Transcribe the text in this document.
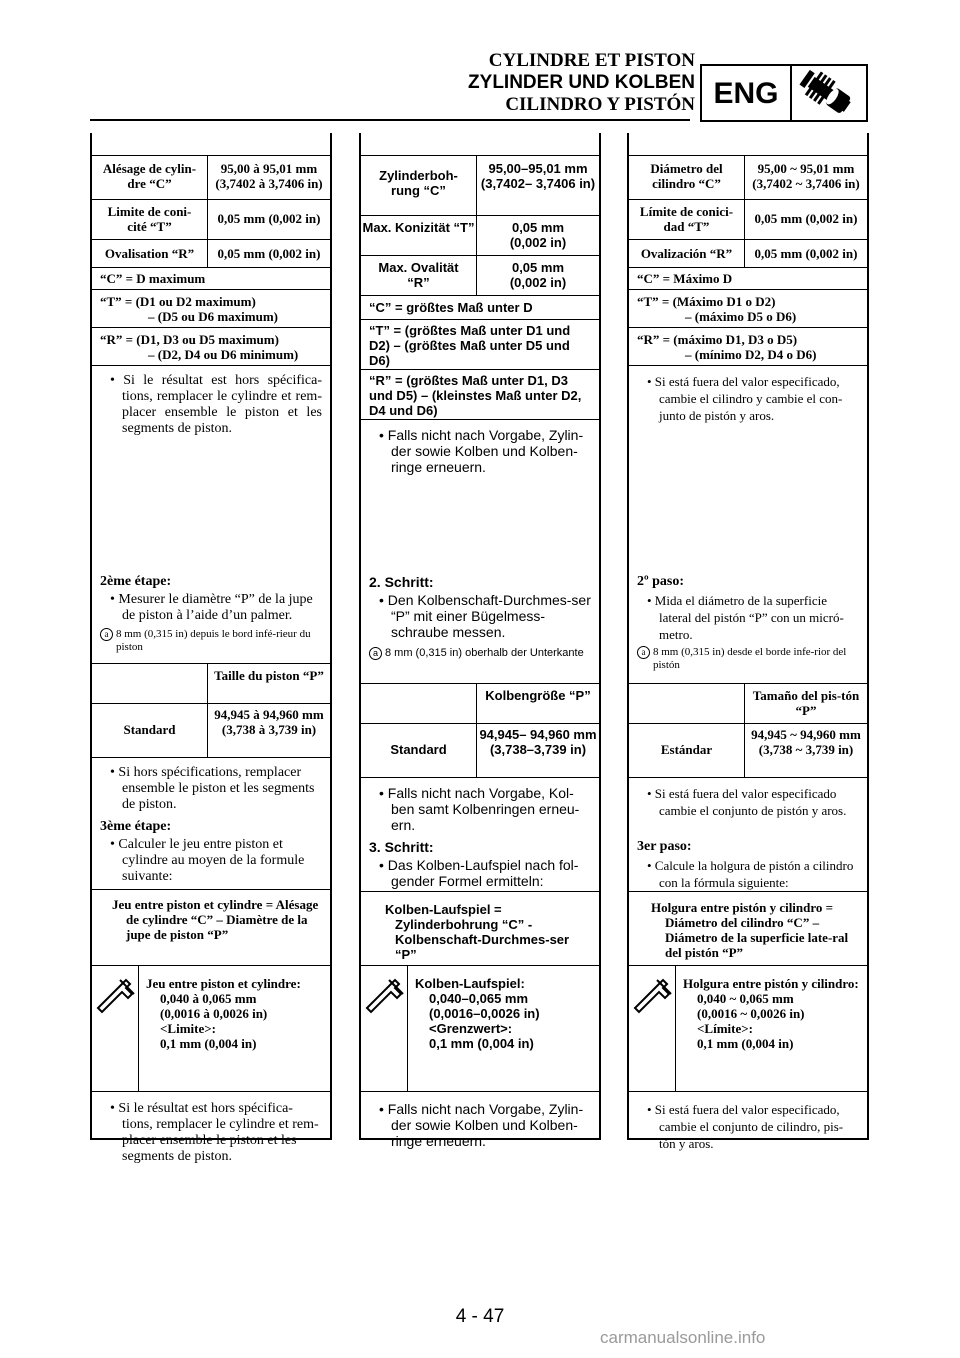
CYLINDRE ET PISTON
ZYLINDER UND KOLBEN
CILINDRO Y PISTÓN ENG
Alésage de cylin-dre “C”
95,00 à 95,01 mm (3,7402 à 3,7406 in)
Limite de coni-cité “T”
0,05 mm (0,002 in)
Ovalisation “R”	0,05 mm (0,002 in)
“C” = D maximum
“T” = (D1 ou D2 maximum)
– (D5 ou D6 maximum)
“R” = (D1, D3 ou D5 maximum)
– (D2, D4 ou D6 minimum)
• Si le résultat est hors spécifica-tions, remplacer le cylindre et rem-placer ensemble le piston et les segments de piston.
2ème étape:
• Mesurer le diamètre “P” de la jupe de piston à l’aide d’un palmer.
a 8 mm (0,315 in) depuis le bord infé-rieur du piston
Taille du piston “P”
Standard
94,945 à 94,960 mm (3,738 à 3,739 in)
• Si hors spécifications, remplacer ensemble le piston et les segments de piston.
3ème étape:
• Calculer le jeu entre piston et cylindre au moyen de la formule suivante:
Jeu entre piston et cylindre = Alésage de cylindre “C” – Diamètre de la jupe de piston “P”
Jeu entre piston et cylindre:
0,040 à 0,065 mm
(0,0016 à 0,0026 in)
<Limite>:
0,1 mm (0,004 in)
• Si le résultat est hors spécifica-tions, remplacer le cylindre et rem-placer ensemble le piston et les segments de piston.
Zylinderboh-rung “C”
95,00–95,01 mm (3,7402– 3,7406 in)
Max. Konizität “T”	0,05 mm (0,002 in)
Max. Ovalität “R”
0,05 mm (0,002 in)
“C” = größtes Maß unter D
“T” = (größtes Maß unter D1 und D2) – (größtes Maß unter D5 und D6)
“R” = (größtes Maß unter D1, D3 und D5) – (kleinstes Maß unter D2, D4 und D6)
• Falls nicht nach Vorgabe, Zylin-der sowie Kolben und Kolben-ringe erneuern.
2. Schritt:
• Den Kolbenschaft-Durchmes-ser “P” mit einer Bügelmess-schraube messen.
a 8 mm (0,315 in) oberhalb der Unterkante
Kolbengröße “P”
Standard
94,945– 94,960 mm (3,738–3,739 in)
• Falls nicht nach Vorgabe, Kol-ben samt Kolbenringen erneu-ern.
3. Schritt:
• Das Kolben-Laufspiel nach fol-gender Formel ermitteln:
Kolben-Laufspiel = Zylinderbohrung “C” - Kolbenschaft-Durchmes-ser “P”
Kolben-Laufspiel:
0,040–0,065 mm
(0,0016–0,0026 in)
<Grenzwert>:
0,1 mm (0,004 in)
• Falls nicht nach Vorgabe, Zylin-der sowie Kolben und Kolben-ringe erneuern.
Diámetro del cilindro “C”
95,00 ~ 95,01 mm (3,7402 ~ 3,7406 in)
Límite de conici-dad “T”
0,05 mm (0,002 in)
Ovalización “R”	0,05 mm (0,002 in)
“C” = Máximo D
“T” = (Máximo D1 o D2)
– (máximo D5 o D6)
“R” = (máximo D1, D3 o D5)
– (mínimo D2, D4 o D6)
• Si está fuera del valor especificado, cambie el cilindro y cambie el con-junto de pistón y aros.
2º paso:
• Mida el diámetro de la superficie lateral del pistón “P” con un micró-metro.
a 8 mm (0,315 in) desde el borde infe-rior del pistón
Tamaño del pis-tón “P”
Estándar
94,945 ~ 94,960 mm (3,738 ~ 3,739 in)
• Si está fuera del valor especificado cambie el conjunto de pistón y aros.
3er paso:
• Calcule la holgura de pistón a cilindro con la fórmula siguiente:
Holgura entre pistón y cilindro = Diámetro del cilindro “C” – Diámetro de la superficie late-ral del pistón “P”
Holgura entre pistón y cilindro:
0,040 ~ 0,065 mm
(0,0016 ~ 0,0026 in)
<Límite>:
0,1 mm (0,004 in)
• Si está fuera del valor especificado, cambie el conjunto de cilindro, pis-tón y aros.
4 - 47
carmanualsonline.info
